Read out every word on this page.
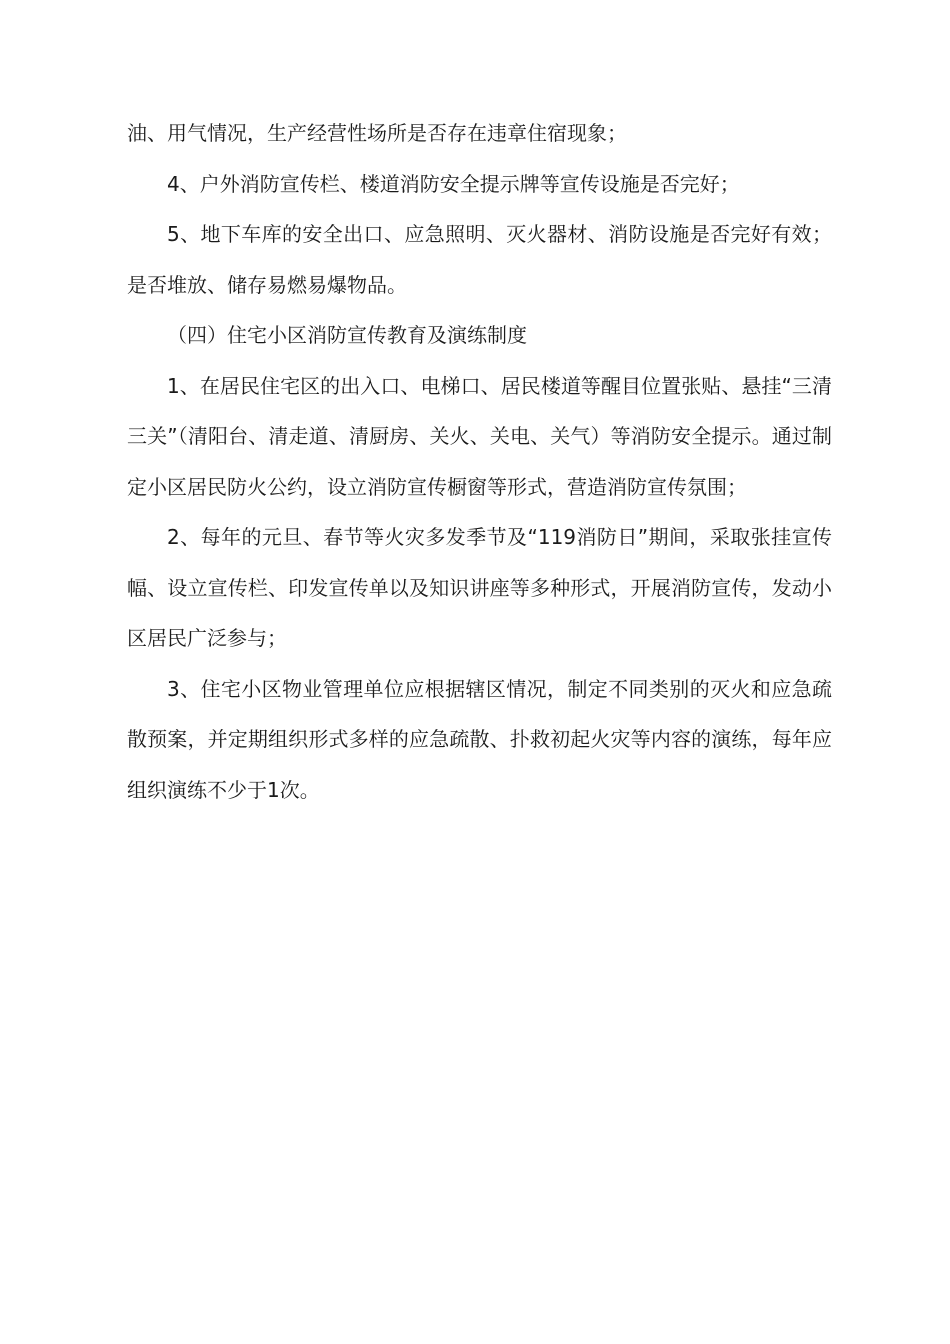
油、用气情况，生产经营性场所是否存在违章住宿现象；

4、户外消防宣传栏、楼道消防安全提示牌等宣传设施是否完好；

5、地下车库的安全出口、应急照明、灭火器材、消防设施是否完好有效；是否堆放、储存易燃易爆物品。

（四）住宅小区消防宣传教育及演练制度

1、在居民住宅区的出入口、电梯口、居民楼道等醒目位置张贴、悬挂“三清三关”（清阳台、清走道、清厨房、关火、关电、关气）等消防安全提示。通过制定小区居民防火公约，设立消防宣传橱窗等形式，营造消防宣传氛围；

2、每年的元旦、春节等火灾多发季节及“119消防日”期间，采取张挂宣传幅、设立宣传栏、印发宣传单以及知识讲座等多种形式，开展消防宣传，发动小区居民广泛参与；

3、住宅小区物业管理单位应根据辖区情况，制定不同类别的灭火和应急疏散预案，并定期组织形式多样的应急疏散、扑救初起火灾等内容的演练，每年应组织演练不少于1次。
